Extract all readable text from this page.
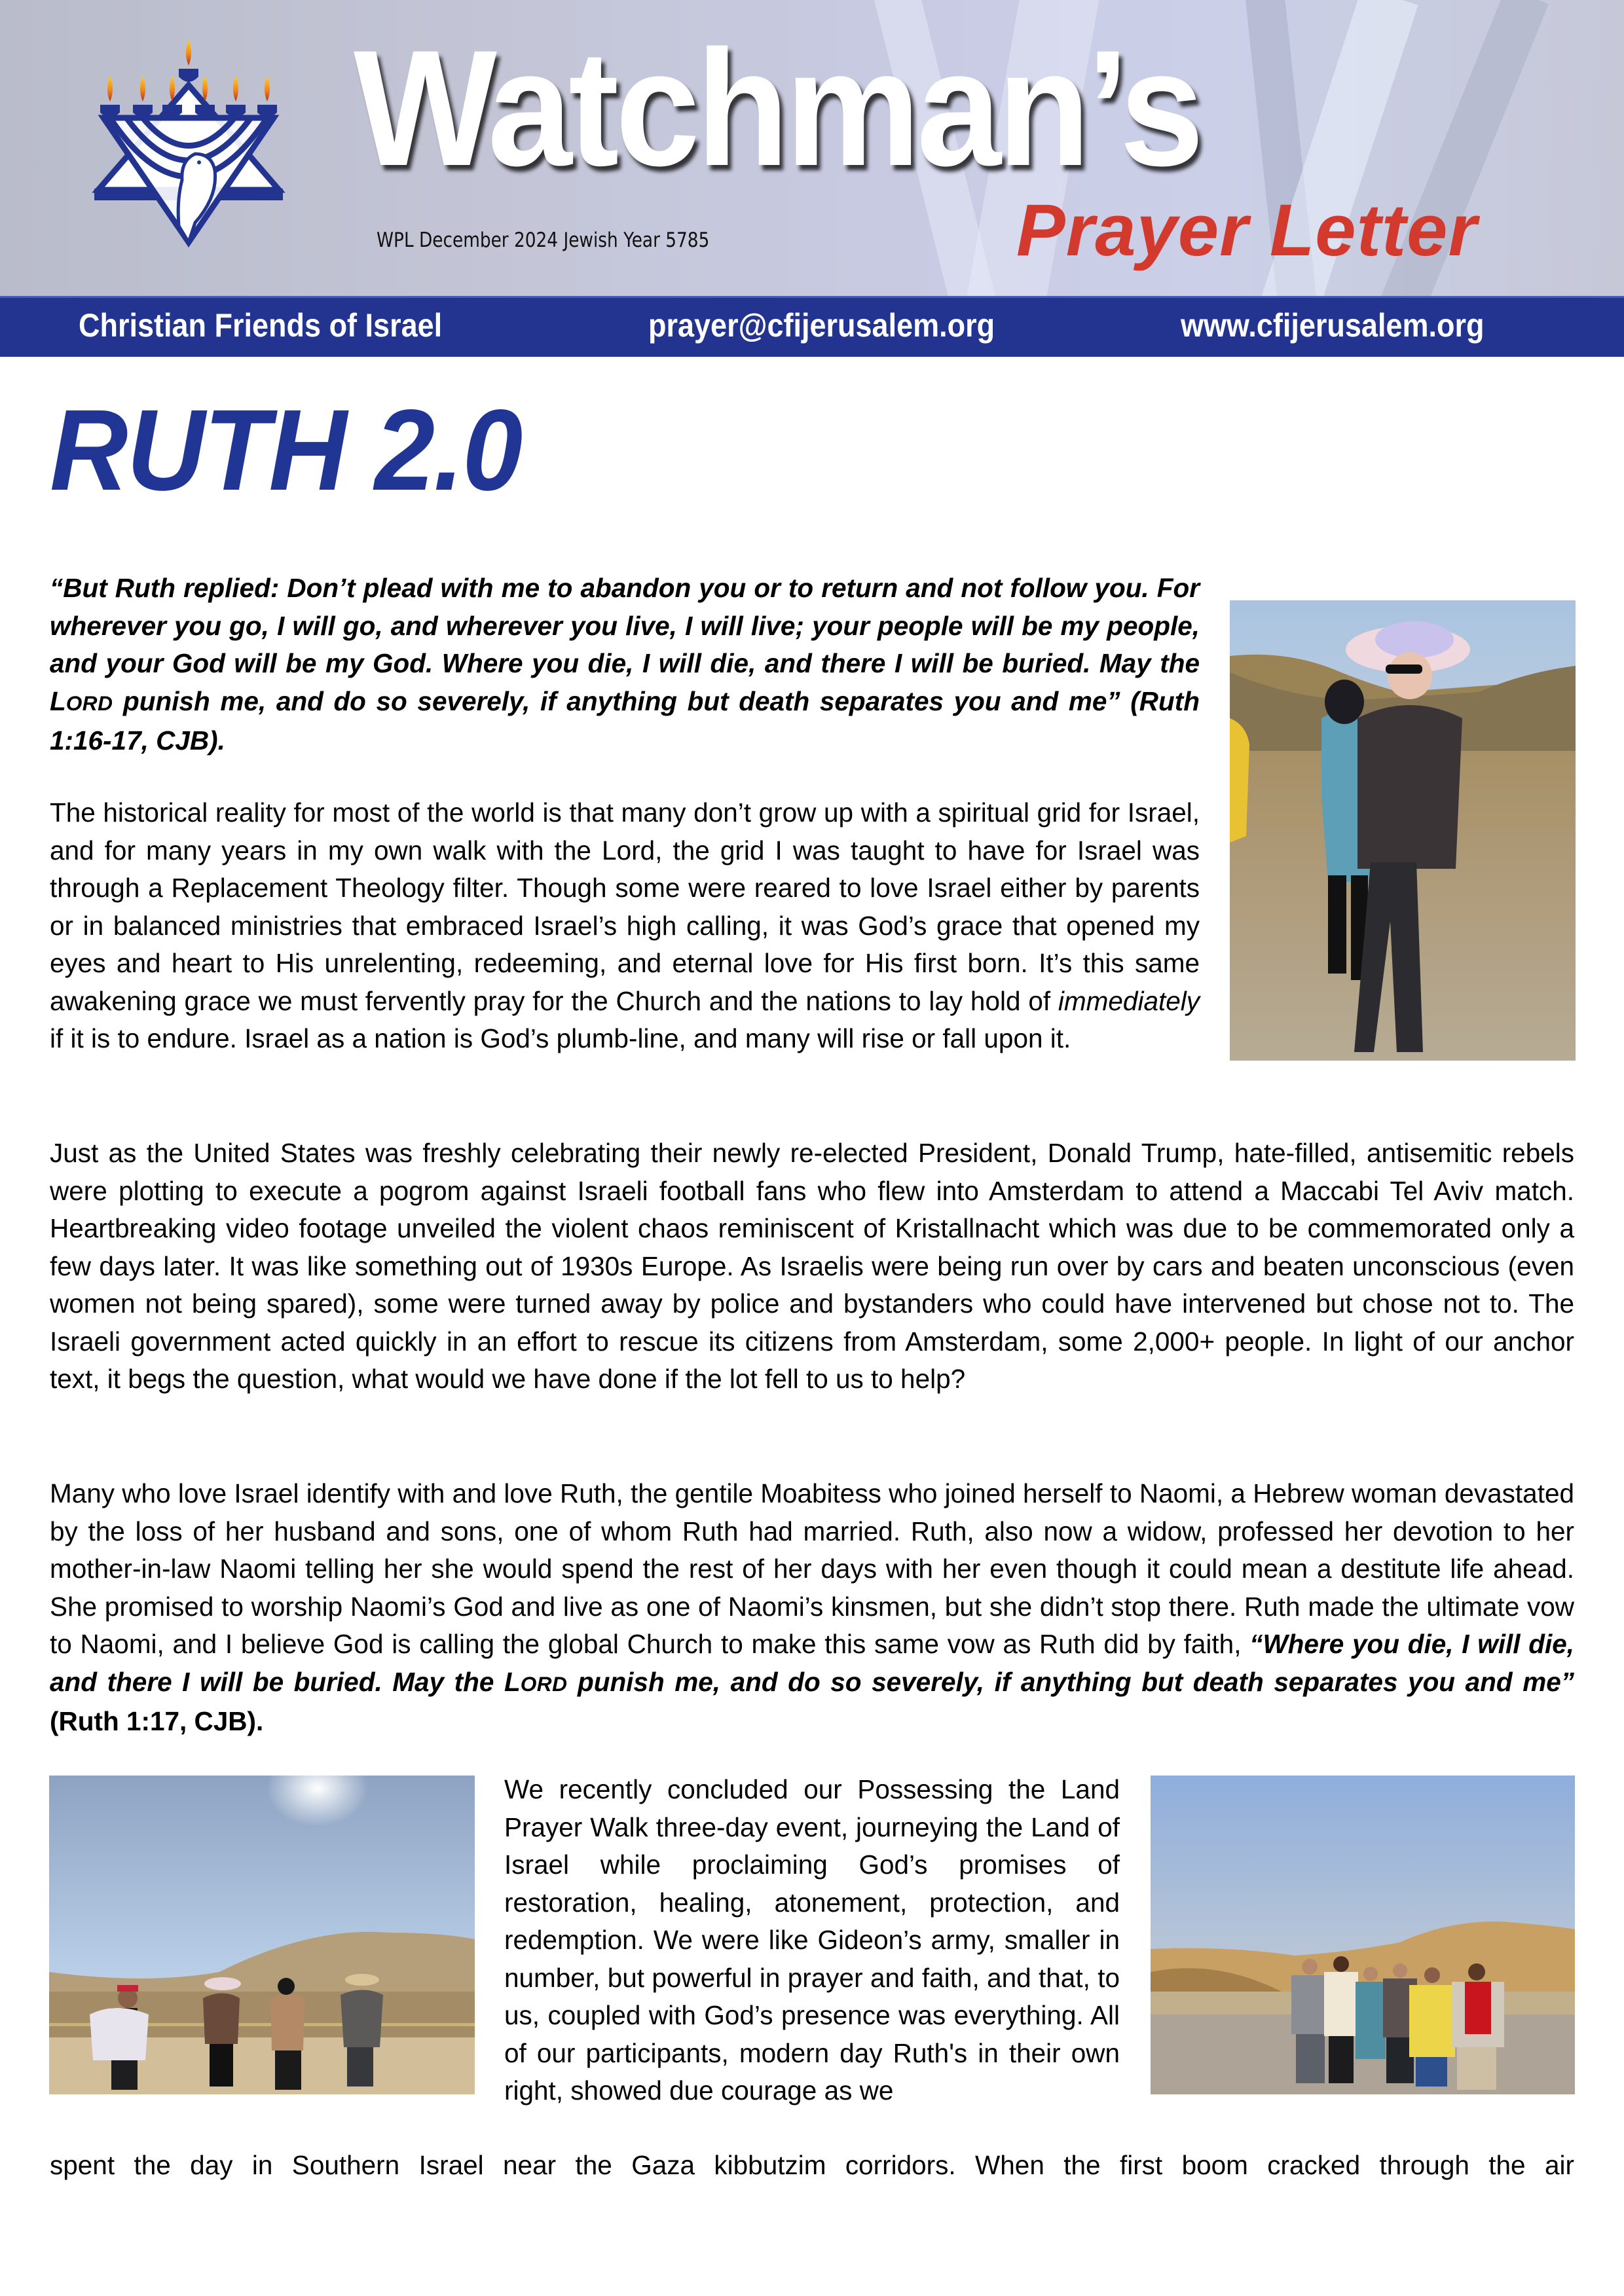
Watchman’s
Prayer Letter
WPL December 2024 Jewish Year 5785
Christian Friends of Israel	prayer@cfijerusalem.org	www.cfijerusalem.org
RUTH 2.0
“But Ruth replied: Don’t plead with me to abandon you or to return and not follow you. For wherever you go, I will go, and wherever you live, I will live; your people will be my people, and your God will be my God. Where you die, I will die, and there I will be buried. May the LORD punish me, and do so severely, if anything but death separates you and me” (Ruth 1:16-17, CJB).
The historical reality for most of the world is that many don’t grow up with a spiritual grid for Israel, and for many years in my own walk with the Lord, the grid I was taught to have for Israel was through a Replacement Theology filter. Though some were reared to love Israel either by parents or in balanced ministries that embraced Israel’s high calling, it was God’s grace that opened my eyes and heart to His unrelenting, redeeming, and eternal love for His first born. It’s this same awakening grace we must fervently pray for the Church and the nations to lay hold of immediately if it is to endure. Israel as a nation is God’s plumb-line, and many will rise or fall upon it.
Just as the United States was freshly celebrating their newly re-elected President, Donald Trump, hate-filled, antisemitic rebels were plotting to execute a pogrom against Israeli football fans who flew into Amsterdam to attend a Maccabi Tel Aviv match. Heartbreaking video footage unveiled the violent chaos reminiscent of Kristallnacht which was due to be commemorated only a few days later. It was like something out of 1930s Europe. As Israelis were being run over by cars and beaten unconscious (even women not being spared), some were turned away by police and bystanders who could have intervened but chose not to. The Israeli government acted quickly in an effort to rescue its citizens from Amsterdam, some 2,000+ people. In light of our anchor text, it begs the question, what would we have done if the lot fell to us to help?
Many who love Israel identify with and love Ruth, the gentile Moabitess who joined herself to Naomi, a Hebrew woman devastated by the loss of her husband and sons, one of whom Ruth had married. Ruth, also now a widow, professed her devotion to her mother-in-law Naomi telling her she would spend the rest of her days with her even though it could mean a destitute life ahead. She promised to worship Naomi’s God and live as one of Naomi’s kinsmen, but she didn’t stop there. Ruth made the ultimate vow to Naomi, and I believe God is calling the global Church to make this same vow as Ruth did by faith, “Where you die, I will die, and there I will be buried. May the LORD punish me, and do so severely, if anything but death separates you and me” (Ruth 1:17, CJB).
We recently concluded our Possessing the Land Prayer Walk three-day event, journeying the Land of Israel while proclaiming God’s promises of restoration, healing, atonement, protection, and redemption. We were like Gideon’s army, smaller in number, but powerful in prayer and faith, and that, to us, coupled with God’s presence was everything. All of our participants, modern day Ruth's in their own right, showed due courage as we
spent the day in Southern Israel near the Gaza kibbutzim corridors. When the first boom cracked through the air
